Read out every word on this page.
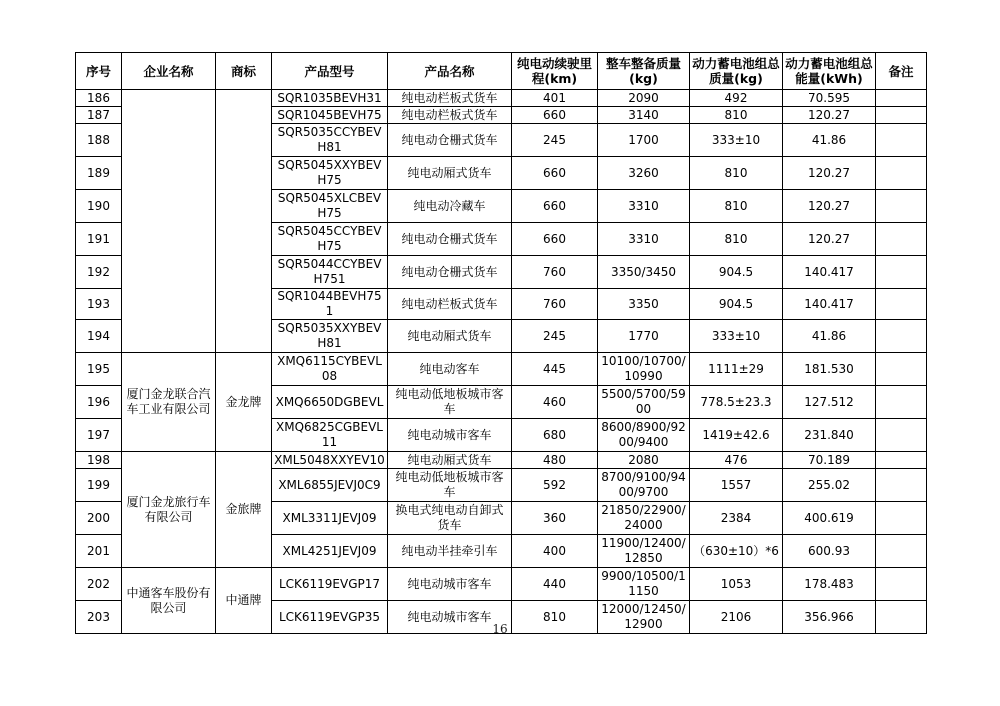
序号	企业名称	商标	产品型号	产品名称	纯电动续驶里程(km)	整车整备质量(kg)	动力蓄电池组总质量(kg)	动力蓄电池组总能量(kWh)	备注
186			SQR1035BEVH31	纯电动栏板式货车	401	2090	492	70.595	
187			SQR1045BEVH75	纯电动栏板式货车	660	3140	810	120.27	
188			SQR5035CCYBEVH81	纯电动仓栅式货车	245	1700	333±10	41.86	
189			SQR5045XXYBEVH75	纯电动厢式货车	660	3260	810	120.27	
190			SQR5045XLCBEVH75	纯电动冷藏车	660	3310	810	120.27	
191			SQR5045CCYBEVH75	纯电动仓栅式货车	660	3310	810	120.27	
192			SQR5044CCYBEVH751	纯电动仓栅式货车	760	3350/3450	904.5	140.417	
193			SQR1044BEVH751	纯电动栏板式货车	760	3350	904.5	140.417	
194			SQR5035XXYBEVH81	纯电动厢式货车	245	1770	333±10	41.86	
195	厦门金龙联合汽车工业有限公司	金龙牌	XMQ6115CYBEVL08	纯电动客车	445	10100/10700/10990	1111±29	181.530	
196			XMQ6650DGBEVL	纯电动低地板城市客车	460	5500/5700/5900	778.5±23.3	127.512	
197			XMQ6825CGBEVL11	纯电动城市客车	680	8600/8900/9200/9400	1419±42.6	231.840	
198	厦门金龙旅行车有限公司	金旅牌	XML5048XXYEV10	纯电动厢式货车	480	2080	476	70.189	
199			XML6855JEVJ0C9	纯电动低地板城市客车	592	8700/9100/9400/9700	1557	255.02	
200			XML3311JEVJ09	换电式纯电动自卸式货车	360	21850/22900/24000	2384	400.619	
201			XML4251JEVJ09	纯电动半挂牵引车	400	11900/12400/12850	（630±10）*6	600.93	
202	中通客车股份有限公司	中通牌	LCK6119EVGP17	纯电动城市客车	440	9900/10500/11150	1053	178.483	
203			LCK6119EVGP35	纯电动城市客车	810	12000/12450/12900	2106	356.966	
16
